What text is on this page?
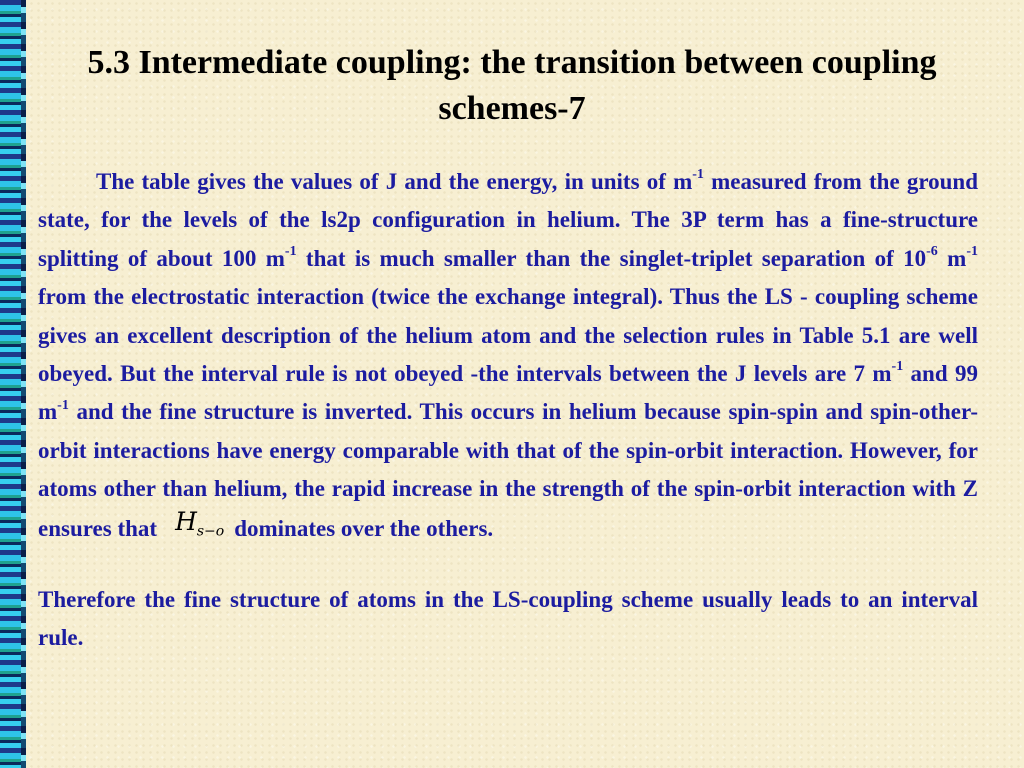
5.3 Intermediate coupling: the transition between coupling schemes-7

The table gives the values of J and the energy, in units of $m^{-1}$ measured from the ground state, for the levels of the ls2p configuration in helium. The 3P term has a fine-structure splitting of about 100 $m^{-1}$ that is much smaller than the singlet-triplet separation of $10^{-6}$ $m^{-1}$ from the electrostatic interaction (twice the exchange integral). Thus the LS - coupling scheme gives an excellent description of the helium atom and the selection rules in Table 5.1 are well obeyed. But the interval rule is not obeyed -the intervals between the J levels are 7 $m^{-1}$ and 99 $m^{-1}$ and the fine structure is inverted. This occurs in helium because spin-spin and spin-other-orbit interactions have energy comparable with that of the spin-orbit interaction. However, for atoms other than helium, the rapid increase in the strength of the spin-orbit interaction with Z ensures that $H_{s-o}$ dominates over the others.

Therefore the fine structure of atoms in the LS-coupling scheme usually leads to an interval rule.
